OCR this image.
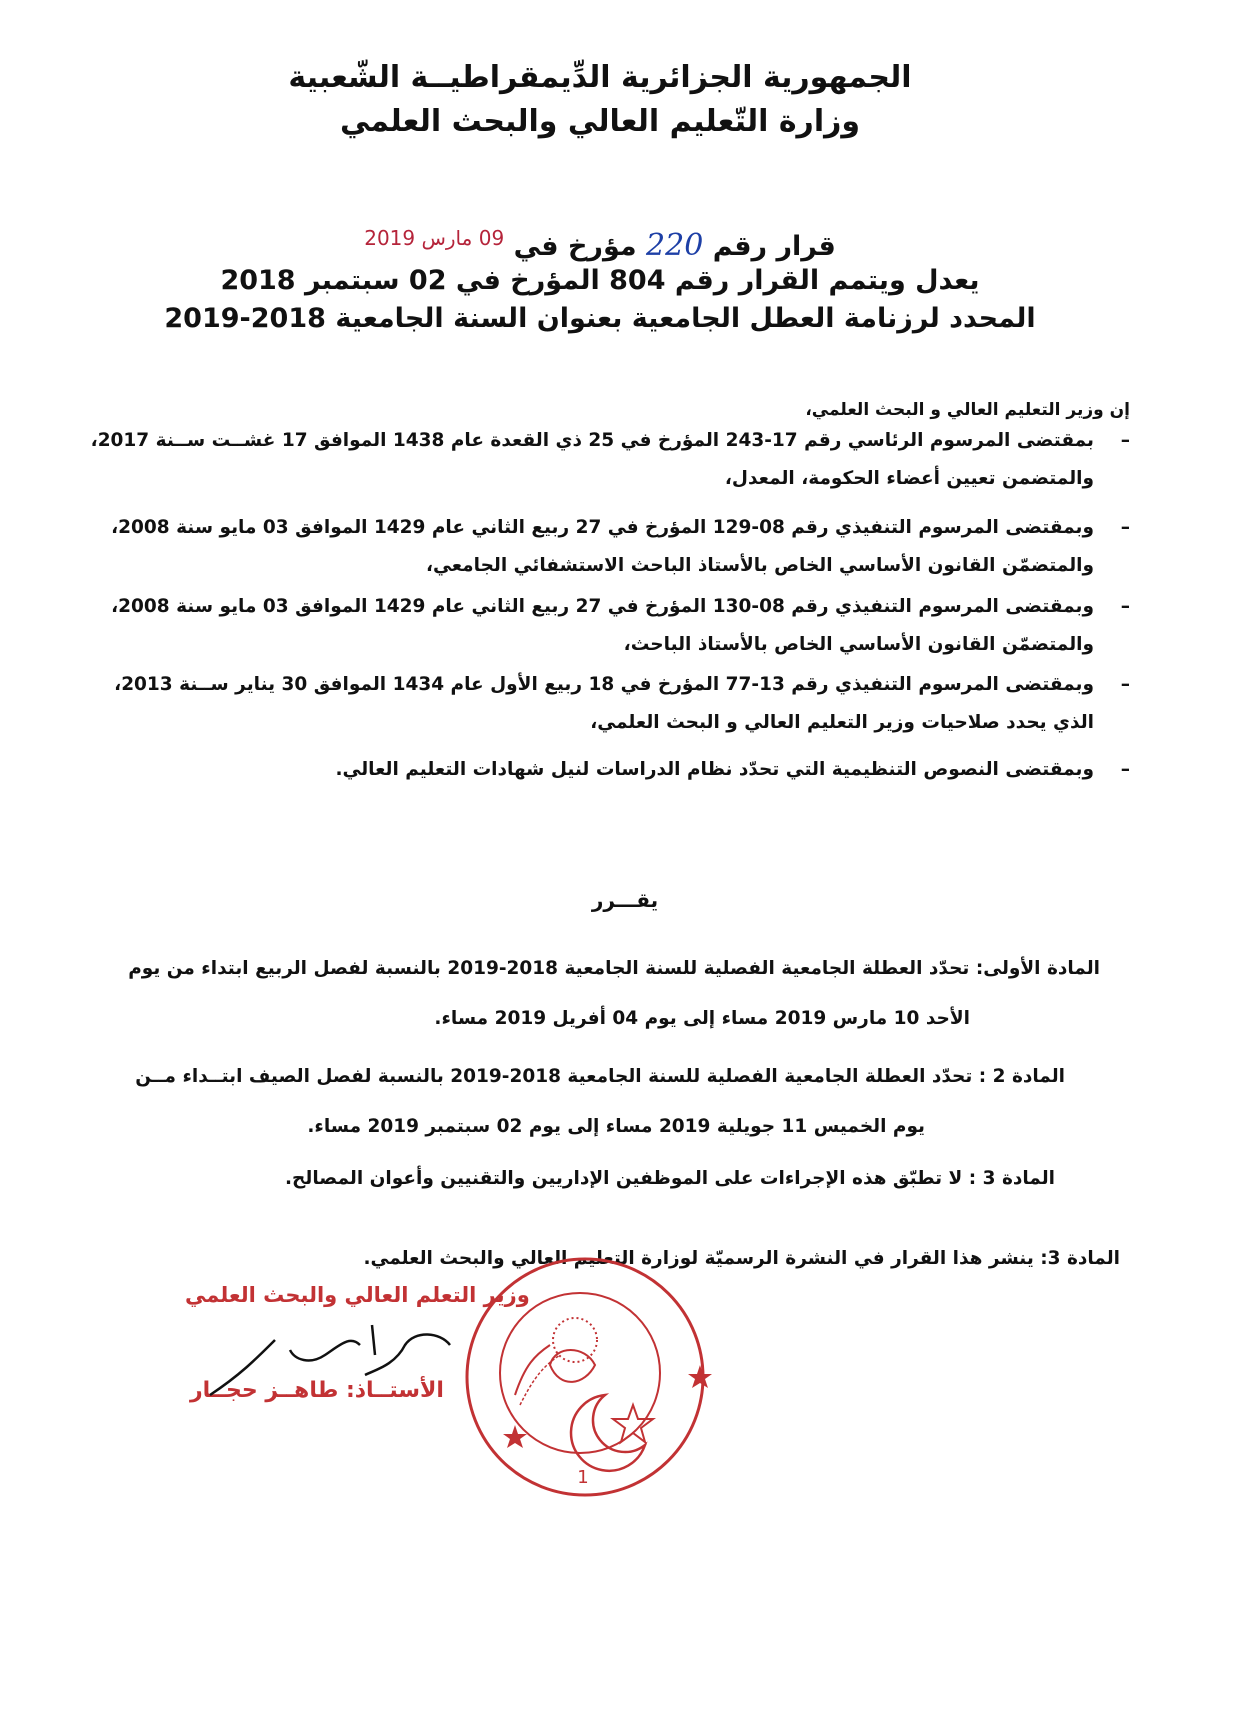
الجمهورية الجزائرية الدِّيمقراطيــة الشّعبية
وزارة التّعليم العالي والبحث العلمي
قرار رقم 220 مؤرخ في $^{09 مارس 2019}$
يعدل ويتمم القرار رقم 804 المؤرخ في 02 سبتمبر 2018
المحدد لرزنامة العطل الجامعية بعنوان السنة الجامعية 2018-2019
إن وزير التعليم العالي و البحث العلمي،
–بمقتضى المرسوم الرئاسي رقم 17-243 المؤرخ في 25 ذي القعدة عام 1438 الموافق 17 غشــت ســنة 2017،
والمتضمن تعيين أعضاء الحكومة، المعدل،
–وبمقتضى المرسوم التنفيذي رقم 08-129 المؤرخ في 27 ربيع الثاني عام 1429 الموافق 03 مايو سنة 2008،
والمتضمّن القانون الأساسي الخاص بالأستاذ الباحث الاستشفائي الجامعي،
–وبمقتضى المرسوم التنفيذي رقم 08-130 المؤرخ في 27 ربيع الثاني عام 1429 الموافق 03 مايو سنة 2008،
والمتضمّن القانون الأساسي الخاص بالأستاذ الباحث،
–وبمقتضى المرسوم التنفيذي رقم 13-77 المؤرخ في 18 ربيع الأول عام 1434 الموافق 30 يناير ســنة 2013،
الذي يحدد صلاحيات وزير التعليم العالي و البحث العلمي،
–وبمقتضى النصوص التنظيمية التي تحدّد نظام الدراسات لنيل شهادات التعليم العالي.
يقـــرر
المادة الأولى: تحدّد العطلة الجامعية الفصلية للسنة الجامعية 2018-2019 بالنسبة لفصل الربيع ابتداء من يوم
الأحد 10 مارس 2019 مساء إلى يوم 04 أفريل 2019 مساء.
المادة 2 : تحدّد العطلة الجامعية الفصلية للسنة الجامعية 2018-2019 بالنسبة لفصل الصيف ابتــداء مــن
يوم الخميس 11 جويلية 2019 مساء إلى يوم 02 سبتمبر 2019 مساء.
المادة 3 : لا تطبّق هذه الإجراءات على الموظفين الإداريين والتقنيين وأعوان المصالح.
المادة 3: ينشر هذا القرار في النشرة الرسميّة لوزارة التعليم العالي والبحث العلمي.
وزير التعلم العالي والبحث العلمي
الأستــاذ: طاهــز حجــار
1
